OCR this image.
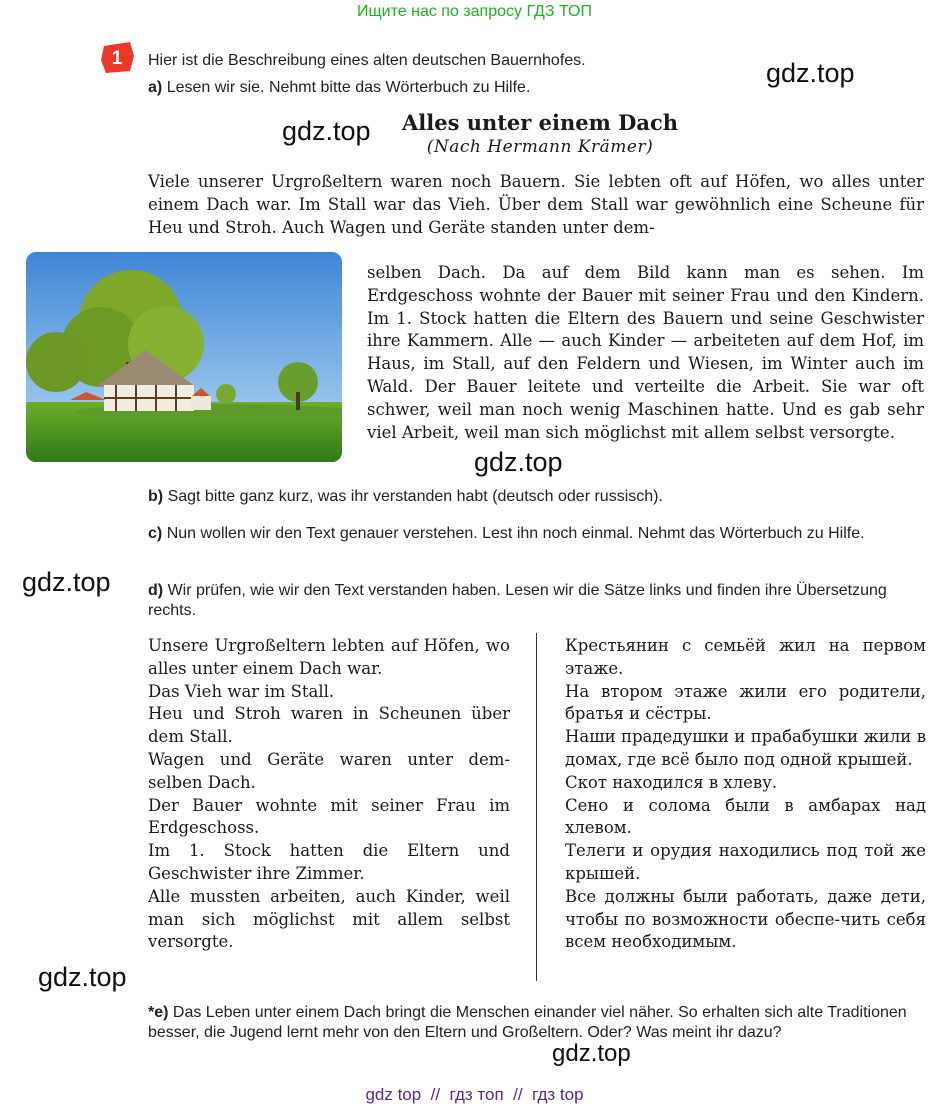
Ищите нас по запросу ГДЗ ТОП
1 Hier ist die Beschreibung eines alten deutschen Bauernhofes.
a) Lesen wir sie. Nehmt bitte das Wörterbuch zu Hilfe.	gdz.top
gdz.top	Alles unter einem Dach
(Nach Hermann Krämer)
Viele unserer Urgroßeltern waren noch Bauern. Sie lebten oft auf Höfen, wo alles unter einem Dach war. Im Stall war das Vieh. Über dem Stall war gewöhnlich eine Scheune für Heu und Stroh. Auch Wagen und Geräte standen unter dem-
selben Dach. Da auf dem Bild kann man es sehen. Im Erdgeschoss wohnte der Bauer mit seiner Frau und den Kindern. Im 1. Stock hatten die Eltern des Bauern und seine Geschwister ihre Kammern. Alle — auch Kinder — arbeiteten auf dem Hof, im Haus, im Stall, auf den Feldern und Wiesen, im Winter auch im Wald. Der Bauer leitete und verteilte die Arbeit. Sie war oft schwer, weil man noch wenig Maschinen hatte. Und es gab sehr viel Arbeit, weil man sich möglichst mit allem selbst versorgte.
gdz.top
b) Sagt bitte ganz kurz, was ihr verstanden habt (deutsch oder russisch).
c) Nun wollen wir den Text genauer verstehen. Lest ihn noch einmal. Nehmt das Wörterbuch zu Hilfe.
gdz.top d) Wir prüfen, wie wir den Text verstanden haben. Lesen wir die Sätze links und finden ihre Übersetzung rechts.
Unsere Urgroßeltern lebten auf Höfen, wo alles unter einem Dach war.
Das Vieh war im Stall.
Heu und Stroh waren in Scheunen über dem Stall.
Wagen und Geräte waren unter dem-selben Dach.
Der Bauer wohnte mit seiner Frau im Erdgeschoss.
Im 1. Stock hatten die Eltern und Geschwister ihre Zimmer.
Alle mussten arbeiten, auch Kinder, weil man sich möglichst mit allem selbst versorgte.
Крестьянин с семьёй жил на первом этаже.
На втором этаже жили его родители, братья и сёстры.
Наши прадедушки и прабабушки жили в домах, где всё было под одной крышей.
Скот находился в хлеву.
Сено и солома были в амбарах над хлевом.
Телеги и орудия находились под той же крышей.
Все должны были работать, даже дети, чтобы по возможности обеспе-чить себя всем необходимым.
gdz.top
*e) Das Leben unter einem Dach bringt die Menschen einander viel näher. So erhalten sich alte Traditionen besser, die Jugend lernt mehr von den Eltern und Großeltern. Oder? Was meint ihr dazu?
gdz.top
gdz top  //  гдз топ  //  гдз top
